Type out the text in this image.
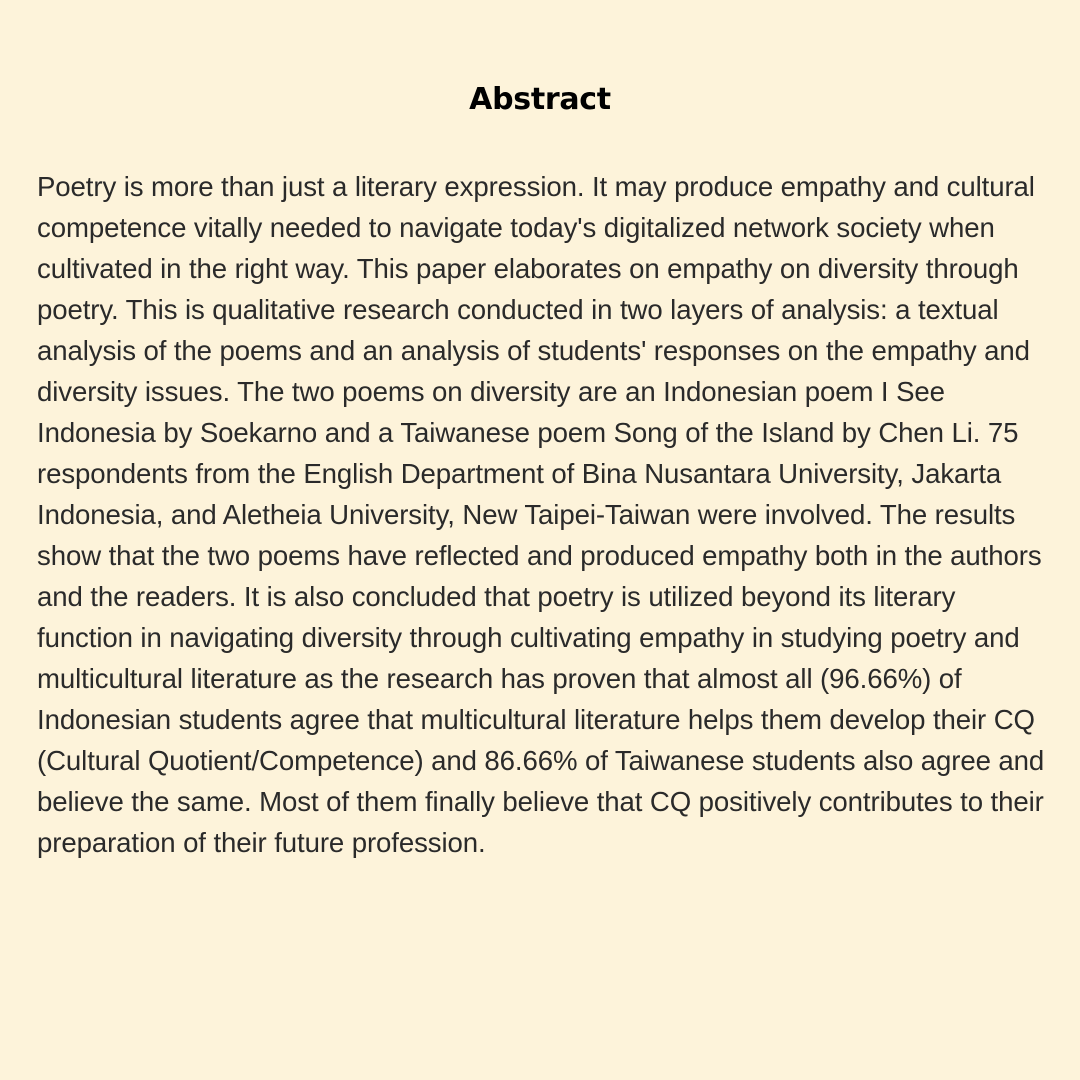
Abstract

Poetry is more than just a literary expression. It may produce empathy and cultural competence vitally needed to navigate today's digitalized network society when cultivated in the right way. This paper elaborates on empathy on diversity through poetry. This is qualitative research conducted in two layers of analysis: a textual analysis of the poems and an analysis of students' responses on the empathy and diversity issues. The two poems on diversity are an Indonesian poem I See Indonesia by Soekarno and a Taiwanese poem Song of the Island by Chen Li. 75 respondents from the English Department of Bina Nusantara University, Jakarta Indonesia, and Aletheia University, New Taipei-Taiwan were involved. The results show that the two poems have reflected and produced empathy both in the authors and the readers. It is also concluded that poetry is utilized beyond its literary function in navigating diversity through cultivating empathy in studying poetry and multicultural literature as the research has proven that almost all (96.66%) of Indonesian students agree that multicultural literature helps them develop their CQ (Cultural Quotient/Competence) and 86.66% of Taiwanese students also agree and believe the same. Most of them finally believe that CQ positively contributes to their preparation of their future profession.
